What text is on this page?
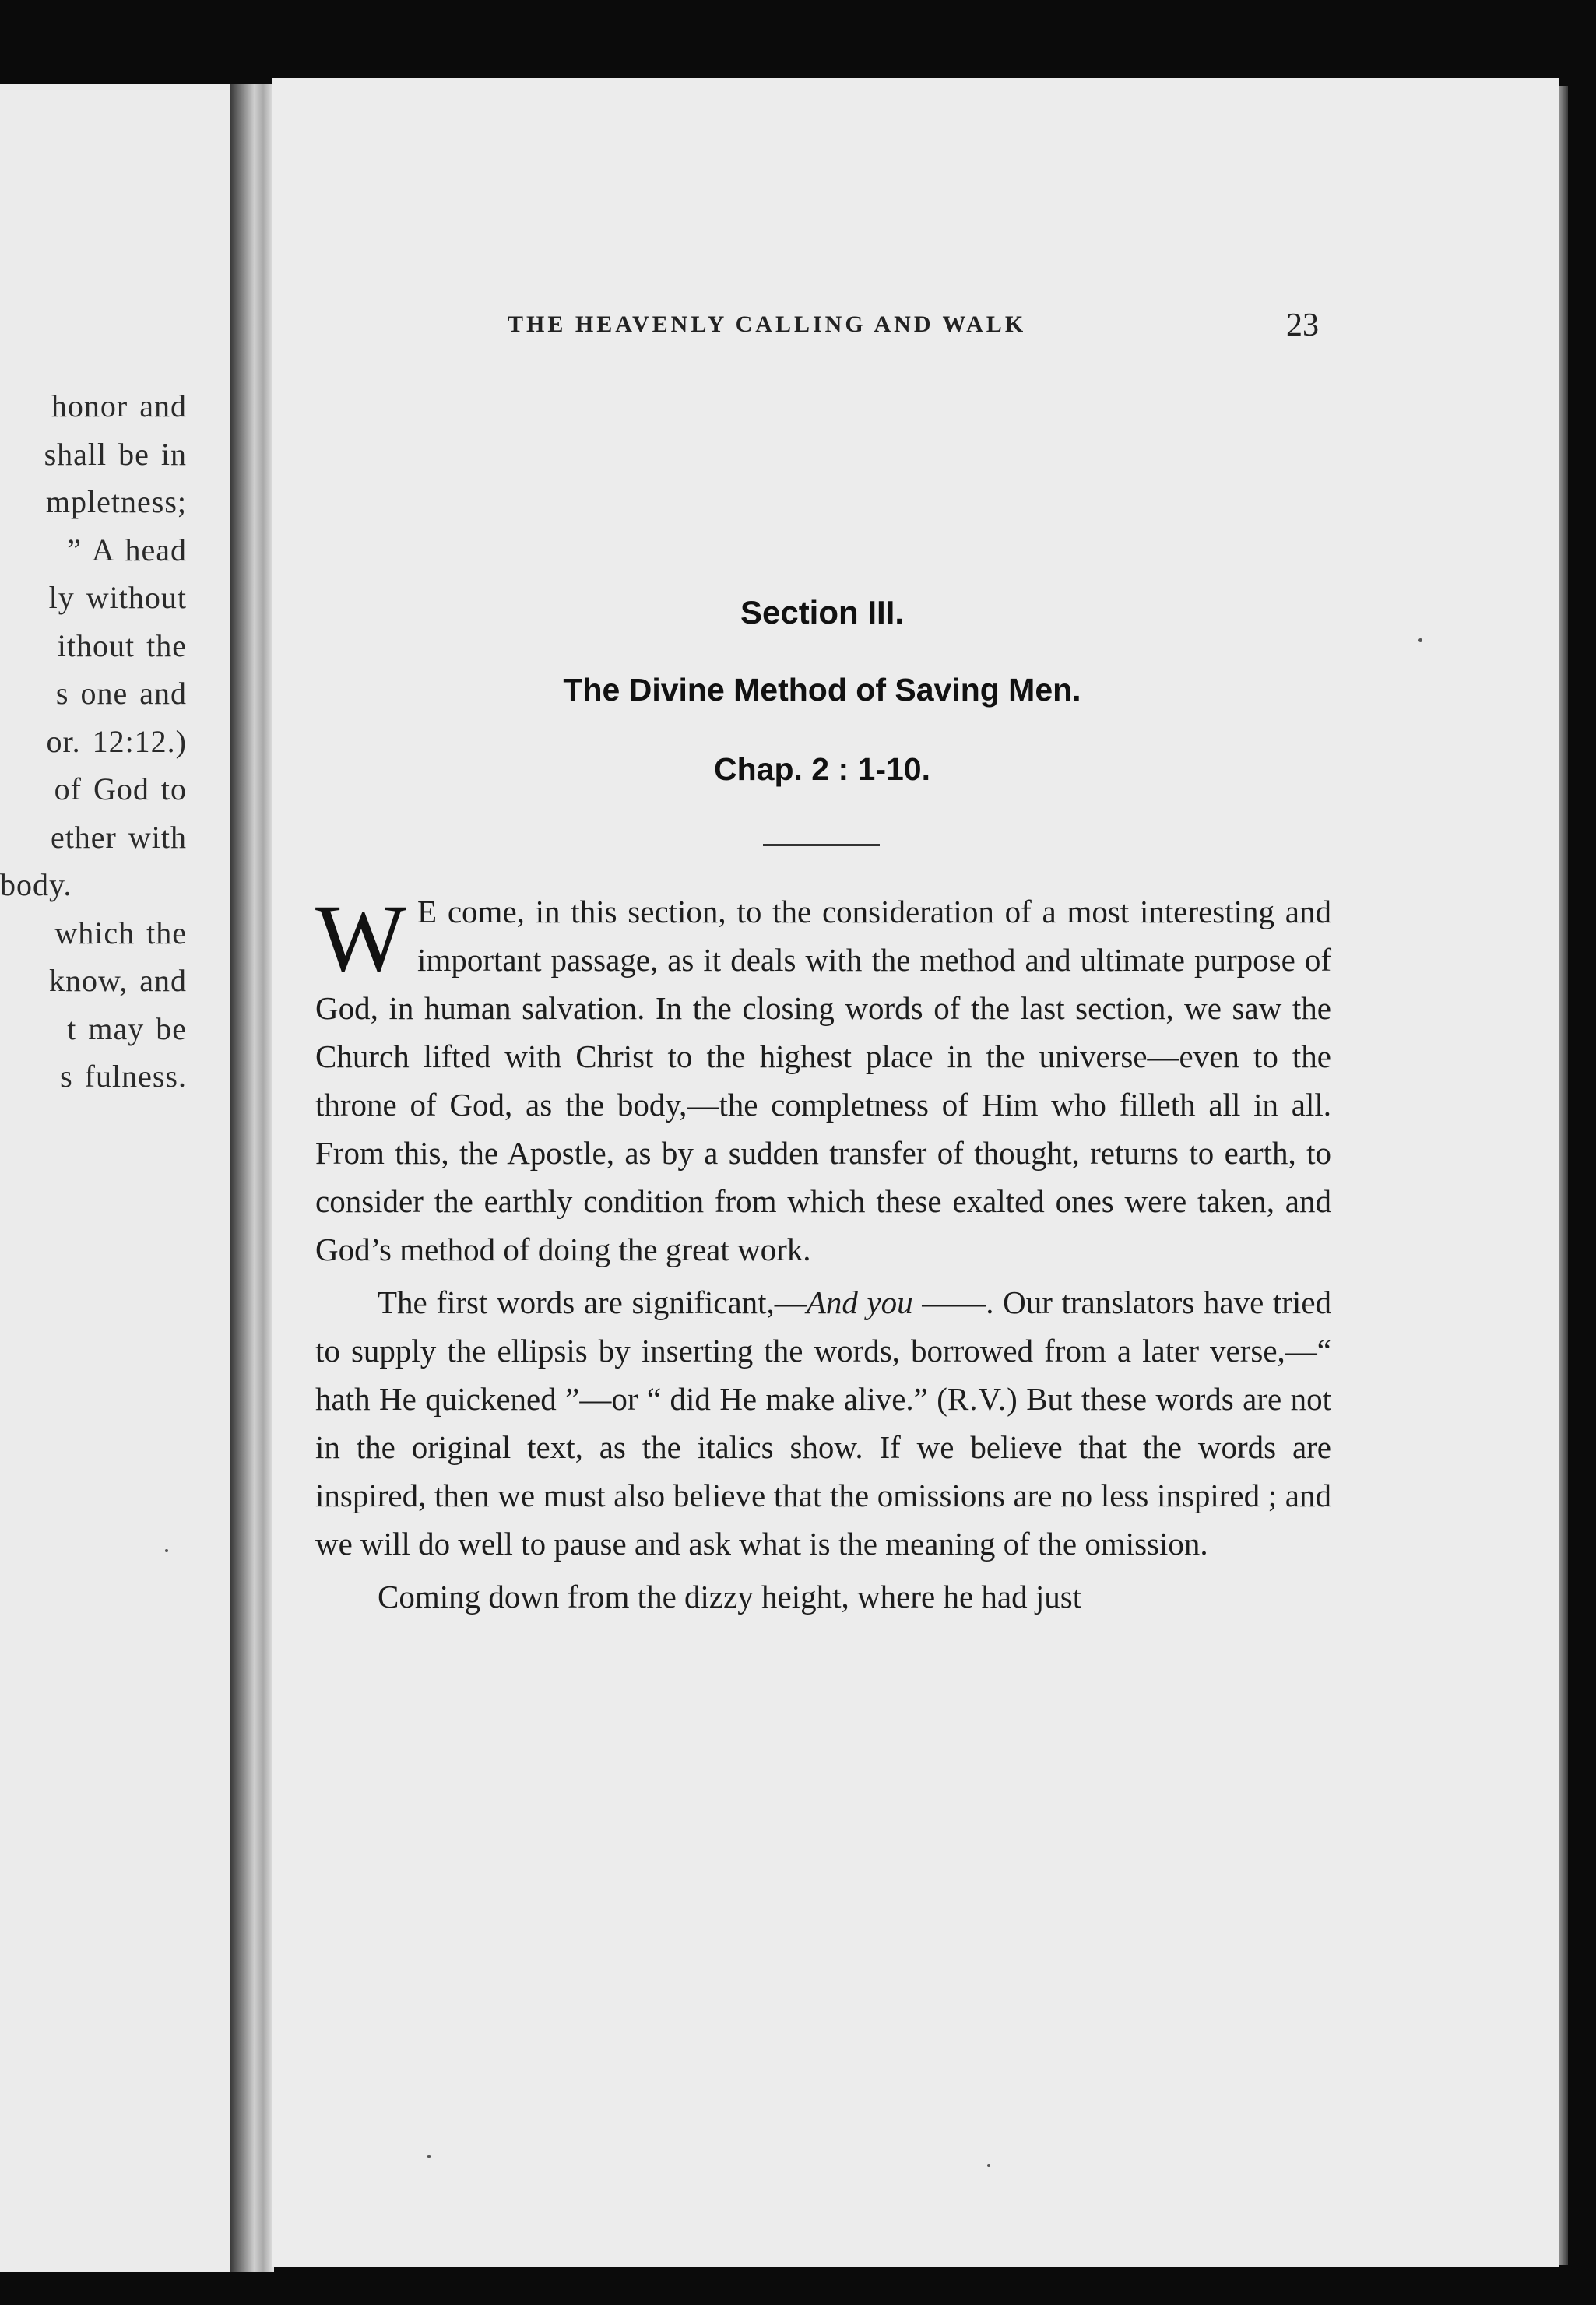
honor and
shall be in
mpletness;
” A head
ly without
ithout the
s one and
or. 12:12.)
of God to
ether with
body.
which the
know, and
t may be
s fulness.
THE HEAVENLY CALLING AND WALK	23
Section III.
The Divine Method of Saving Men.
Chap. 2 : 1-10.

W E come, in this section, to the consideration of a most interesting and important passage, as it deals with the method and ultimate purpose of God, in human salvation. In the closing words of the last section, we saw the Church lifted with Christ to the highest place in the universe—even to the throne of God, as the body,—the completness of Him who filleth all in all. From this, the Apostle, as by a sudden transfer of thought, returns to earth, to consider the earthly condition from which these exalted ones were taken, and God’s method of doing the great work.

The first words are significant,—And you ——. Our translators have tried to supply the ellipsis by inserting the words, borrowed from a later verse,—“ hath He quickened ”—or “ did He make alive.” (R.V.) But these words are not in the original text, as the italics show. If we believe that the words are inspired, then we must also believe that the omissions are no less inspired ; and we will do well to pause and ask what is the meaning of the omission.

Coming down from the dizzy height, where he had just
